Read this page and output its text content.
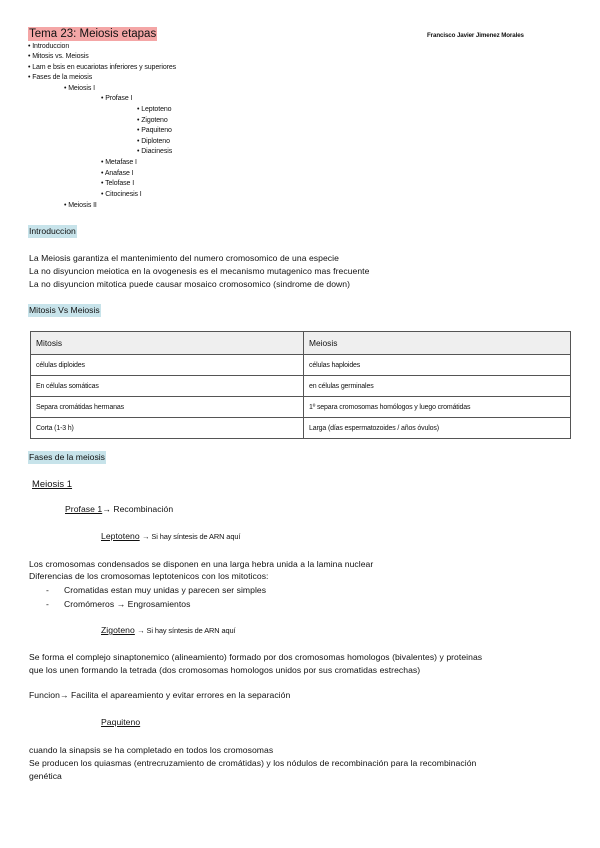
Tema 23: Meiosis etapas	Francisco Javier Jimenez Morales
• Introduccion
• Mitosis vs. Meiosis
• Lam e bsis en eucariotas inferiores y superiores
• Fases de la meiosis
• Meiosis I
• Profase I
• Leptoteno
• Zigoteno
• Paquiteno
• Diploteno
• Diacinesis
• Metafase I
• Anafase I
• Telofase I
• Citocinesis I
• Meiosis II
Introduccion
La Meiosis garantiza el mantenimiento del numero cromosomico de una especie
La no disyuncion meiotica en la ovogenesis es el mecanismo mutagenico mas frecuente
La no disyuncion mitotica puede causar mosaico cromosomico (sindrome de down)
Mitosis Vs Meiosis
Mitosis	Meiosis
células diploides	células haploides
En células somáticas	en células germinales
Separa cromátidas hermanas	1º separa cromosomas homólogos y luego cromátidas
Corta (1-3 h)	Larga (días espermatozoides / años óvulos)
Fases de la meiosis
Meiosis 1
Profase 1→ Recombinación
Leptoteno → Si hay síntesis de ARN aquí
Los cromosomas condensados se disponen en una larga hebra unida a la lamina nuclear
Diferencias de los cromosomas leptotenicos con los mitoticos:
- Cromatidas estan muy unidas y parecen ser simples
- Cromómeros → Engrosamientos
Zigoteno → Si hay síntesis de ARN aquí
Se forma el complejo sinaptonemico (alineamiento) formado por dos cromosomas homologos (bivalentes) y proteinas
que los unen formando la tetrada (dos cromosomas homologos unidos por sus cromatidas estrechas)
Funcion→ Facilita el apareamiento y evitar errores en la separación
Paquiteno
cuando la sinapsis se ha completado en todos los cromosomas
Se producen los quiasmas (entrecruzamiento de cromátidas) y los nódulos de recombinación para la recombinación
genética
